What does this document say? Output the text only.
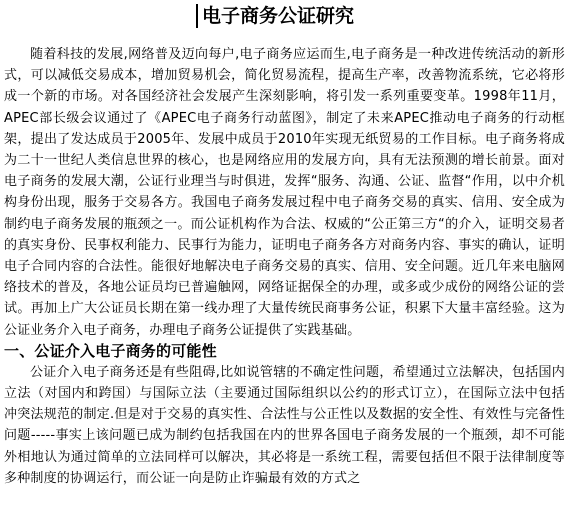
电子商务公证研究

随着科技的发展,网络普及迈向每户,电子商务应运而生,电子商务是一种改进传统活动的新形式，可以减低交易成本，增加贸易机会，简化贸易流程，提高生产率，改善物流系统，它必将形成一个新的市场。对各国经济社会发展产生深刻影响，将引发一系列重要变革。1998年11月，APEC部长级会议通过了《APEC电子商务行动蓝图》，制定了未来APEC推动电子商务的行动框架，提出了发达成员于2005年、发展中成员于2010年实现无纸贸易的工作目标。电子商务将成为二十一世纪人类信息世界的核心，也是网络应用的发展方向，具有无法预测的增长前景。面对电子商务的发展大潮，公证行业理当与时俱进，发挥“服务、沟通、公证、监督“作用，以中介机构身份出现，服务于交易各方。我国电子商务发展过程中电子商务交易的真实、信用、安全成为制约电子商务发展的瓶颈之一。而公证机构作为合法、权威的“公正第三方“的介入，证明交易者的真实身份、民事权利能力、民事行为能力，证明电子商务各方对商务内容、事实的确认，证明电子合同内容的合法性。能很好地解决电子商务交易的真实、信用、安全问题。近几年来电脑网络技术的普及，各地公证员均已普遍触网，网络证据保全的办理，或多或少成份的网络公证的尝试。再加上广大公证员长期在第一线办理了大量传统民商事务公证，积累下大量丰富经验。这为公证业务介入电子商务，办理电子商务公证提供了实践基础。

一、公证介入电子商务的可能性

公证介入电子商务还是有些阻碍,比如说管辖的不确定性问题，希望通过立法解决，包括国内立法（对国内和跨国）与国际立法（主要通过国际组织以公约的形式订立），在国际立法中包括冲突法规范的制定.但是对于交易的真实性、合法性与公正性以及数据的安全性、有效性与完备性问题-----事实上该问题已成为制约包括我国在内的世界各国电子商务发展的一个瓶颈，却不可能外相地认为通过简单的立法同样可以解决，其必将是一系统工程，需要包括但不限于法律制度等多种制度的协调运行，而公证一向是防止诈骗最有效的方式之
